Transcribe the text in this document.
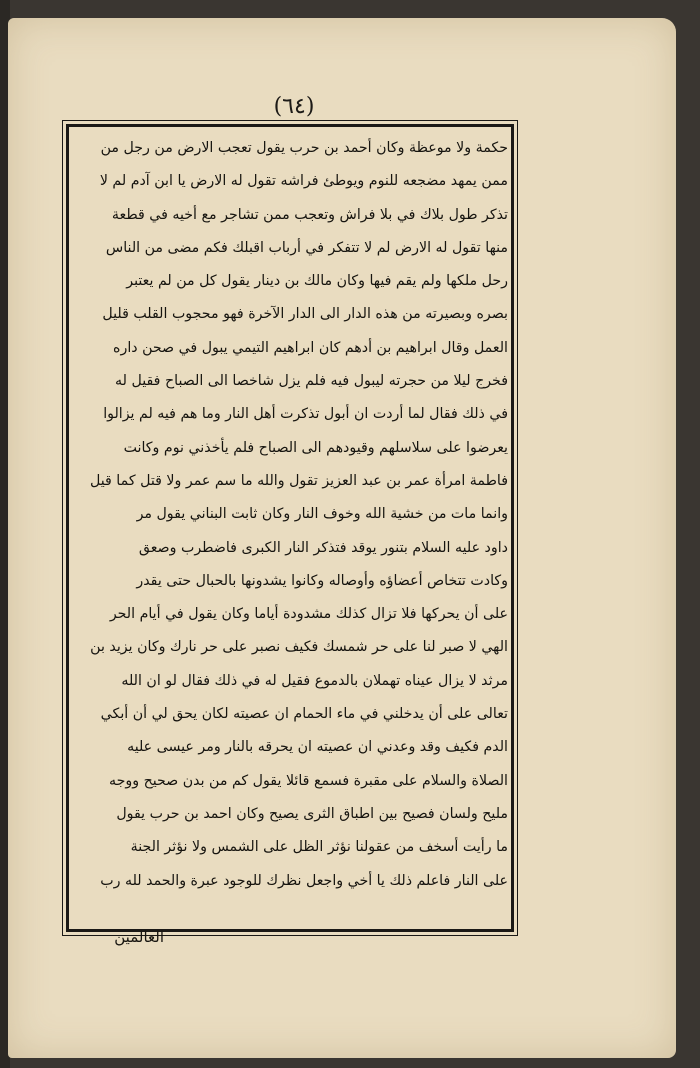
(٦٤)
حكمة ولا موعظة وكان أحمد بن حرب يقول تعجب الارض من رجل من
ممن يمهد مضجعه للنوم ويوطئ فراشه تقول له الارض يا ابن آدم لم لا
تذكر طول بلاك في بلا فراش وتعجب ممن تشاجر مع أخيه في قطعة
منها تقول له الارض لم لا تتفكر في أرباب اقبلك فكم مضى من الناس
رحل ملكها ولم يقم فيها وكان مالك بن دينار يقول كل من لم يعتبر
بصره وبصيرته من هذه الدار الى الدار الآخرة فهو محجوب القلب قليل
العمل وقال ابراهيم بن أدهم كان ابراهيم التيمي يبول في صحن داره
فخرج ليلا من حجرته ليبول فيه فلم يزل شاخصا الى الصباح فقيل له
في ذلك فقال لما أردت ان أبول تذكرت أهل النار وما هم فيه لم يزالوا
يعرضوا على سلاسلهم وقيودهم الى الصباح فلم يأخذني نوم وكانت
فاطمة امرأة عمر بن عبد العزيز تقول والله ما سم عمر ولا قتل كما قيل
وانما مات من خشية الله وخوف النار وكان ثابت البناني يقول مر
داود عليه السلام بتنور يوقد فتذكر النار الكبرى فاضطرب وصعق
وكادت تتخاص أعضاؤه وأوصاله وكانوا يشدونها بالحبال حتى يقدر
على أن يحركها فلا تزال كذلك مشدودة أياما وكان يقول في أيام الحر
الهي لا صبر لنا على حر شمسك فكيف نصبر على حر نارك وكان يزيد بن
مرثد لا يزال عيناه تهملان بالدموع فقيل له في ذلك فقال لو ان الله
تعالى على أن يدخلني في ماء الحمام ان عصيته لكان يحق لي أن أبكي
الدم فكيف وقد وعدني ان عصيته ان يحرقه بالنار ومر عيسى عليه
الصلاة والسلام على مقبرة فسمع قائلا يقول كم من بدن صحيح ووجه
مليح ولسان فصيح بين اطباق الثرى يصيح وكان احمد بن حرب يقول
ما رأيت أسخف من عقولنا نؤثر الظل على الشمس ولا نؤثر الجنة
على النار فاعلم ذلك يا أخي واجعل نظرك للوجود عبرة والحمد لله رب
العالمين
